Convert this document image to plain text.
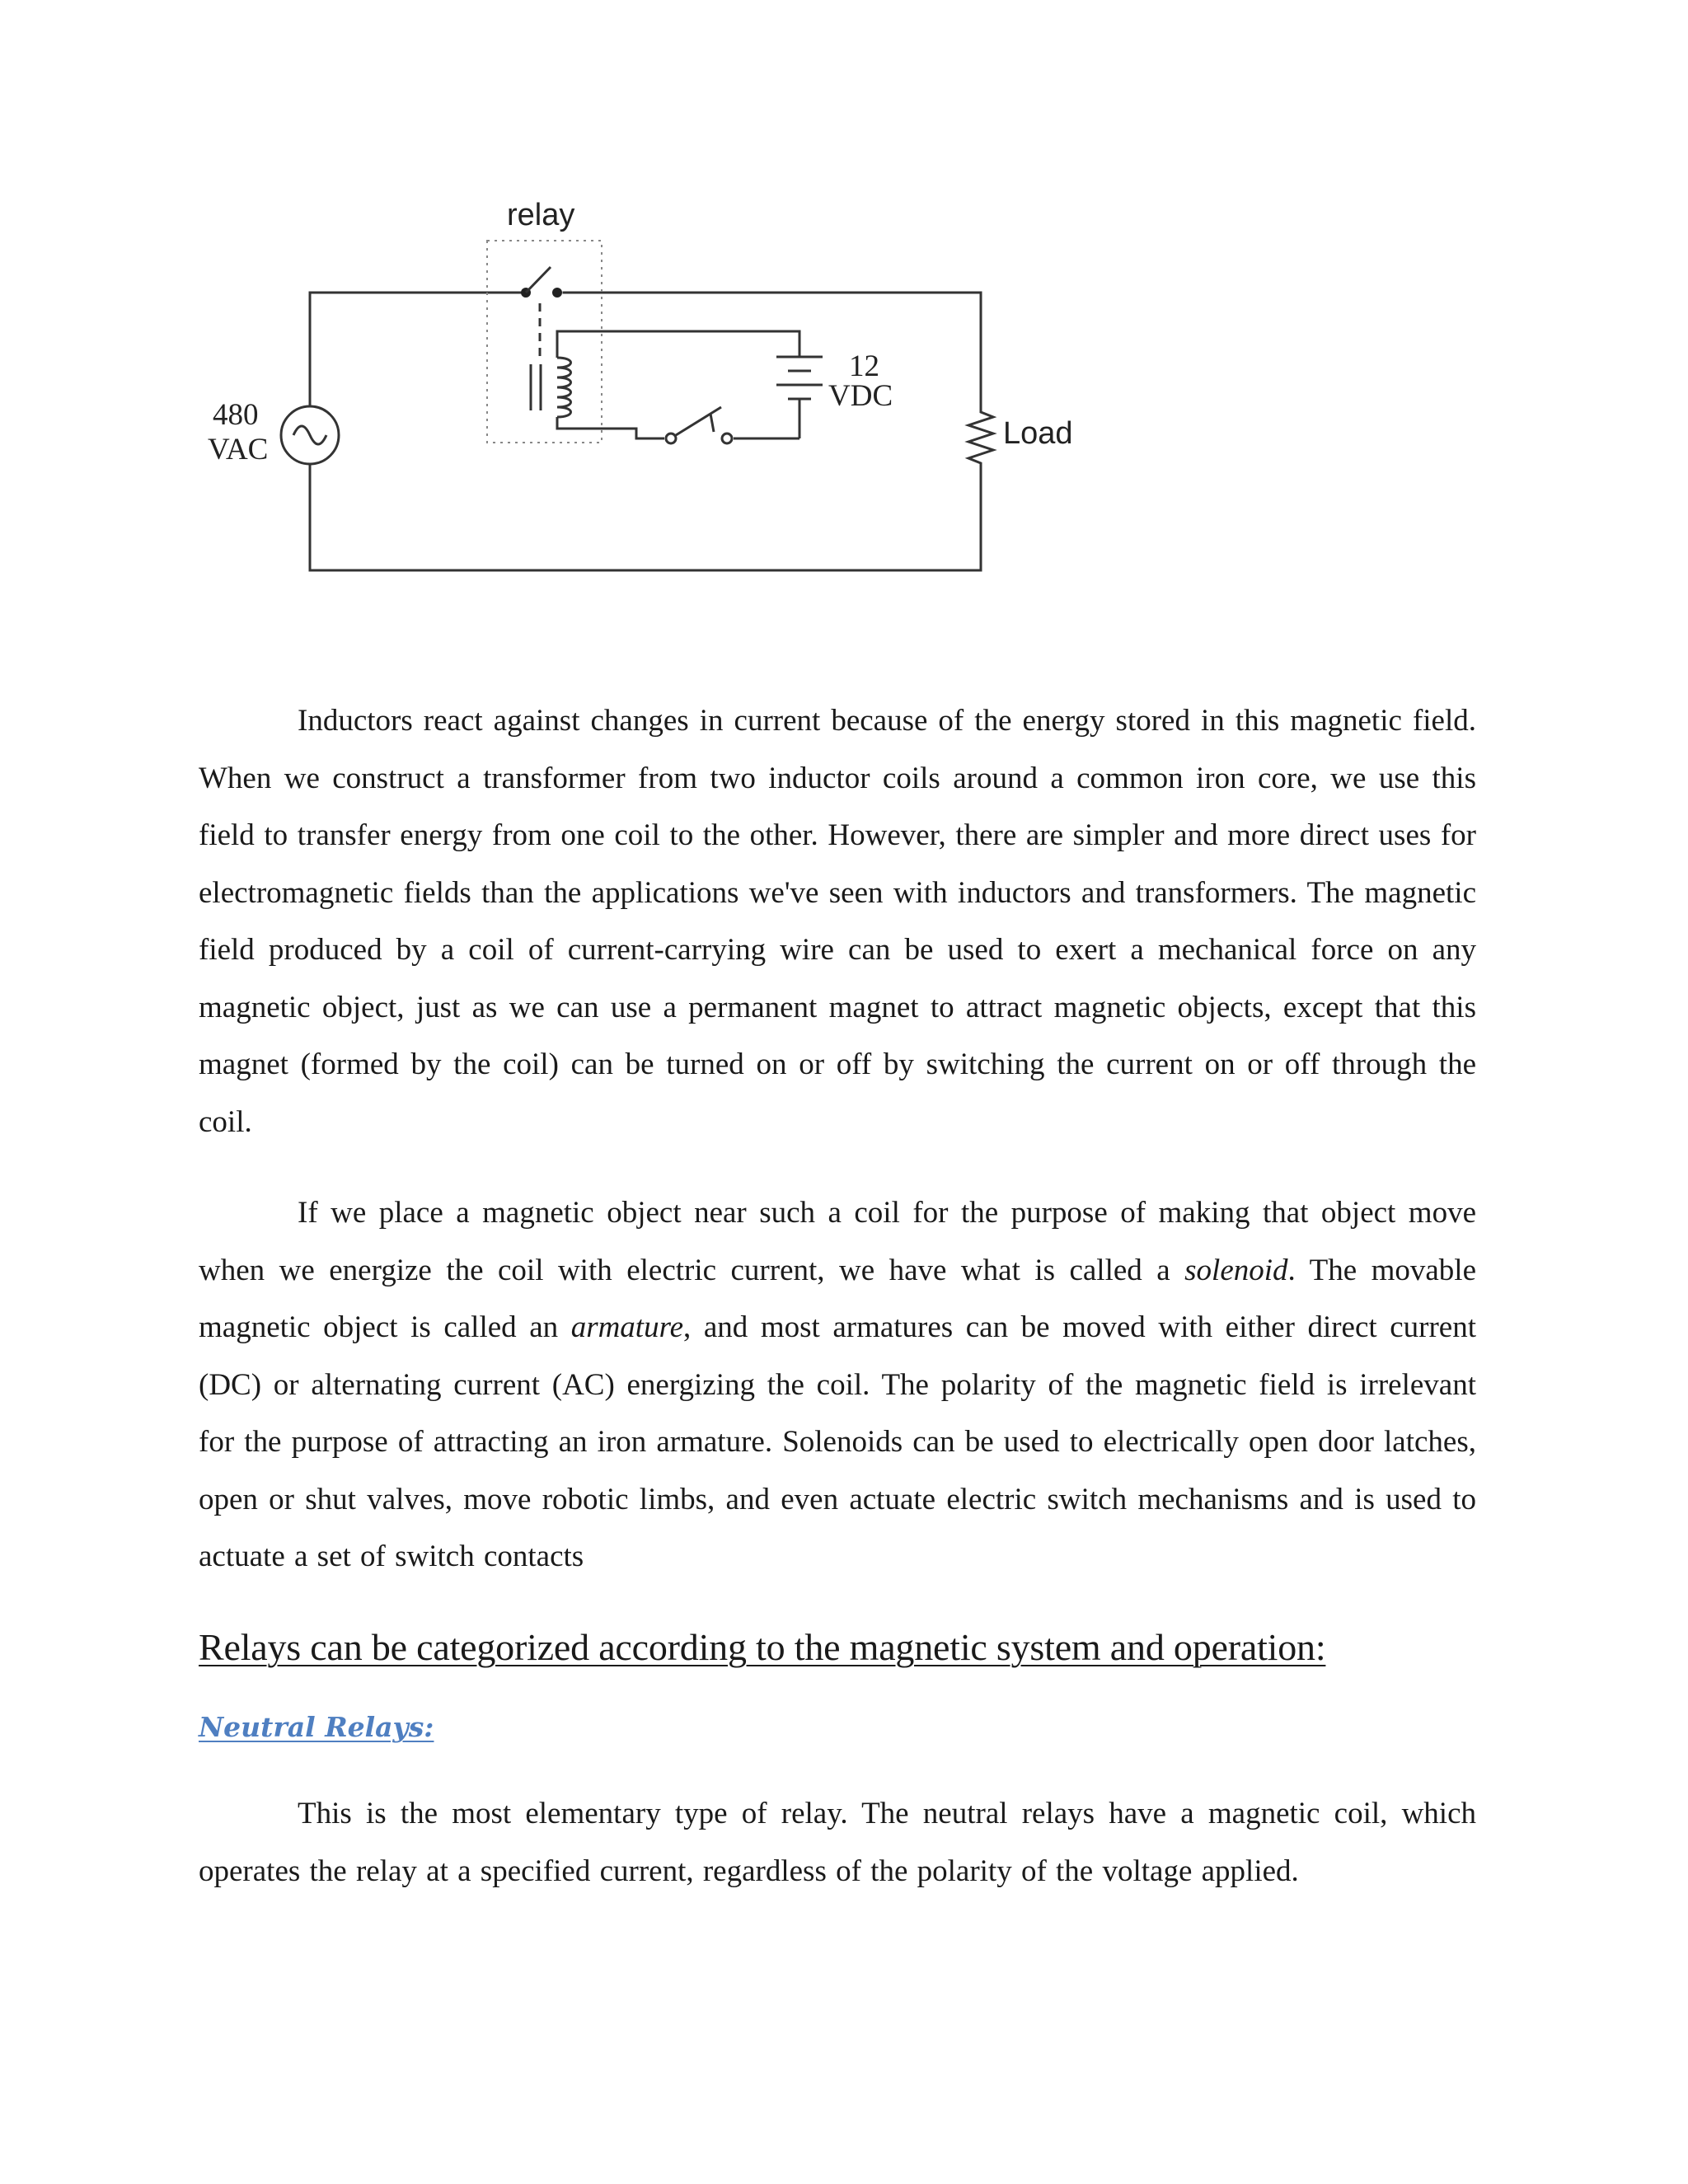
480
VAC	Load
relay
12
VDC

Inductors react against changes in current because of the energy stored in this magnetic field. When we construct a transformer from two inductor coils around a common iron core, we use this field to transfer energy from one coil to the other. However, there are simpler and more direct uses for electromagnetic fields than the applications we've seen with inductors and transformers. The magnetic field produced by a coil of current-carrying wire can be used to exert a mechanical force on any magnetic object, just as we can use a permanent magnet to attract magnetic objects, except that this magnet (formed by the coil) can be turned on or off by switching the current on or off through the coil.

If we place a magnetic object near such a coil for the purpose of making that object move when we energize the coil with electric current, we have what is called a solenoid. The movable magnetic object is called an armature, and most armatures can be moved with either direct current (DC) or alternating current (AC) energizing the coil. The polarity of the magnetic field is irrelevant for the purpose of attracting an iron armature. Solenoids can be used to electrically open door latches, open or shut valves, move robotic limbs, and even actuate electric switch mechanisms and is used to actuate a set of switch contacts

Relays can be categorized according to the magnetic system and operation:
Neutral Relays:

This is the most elementary type of relay. The neutral relays have a magnetic coil, which operates the relay at a specified current, regardless of the polarity of the voltage applied.
